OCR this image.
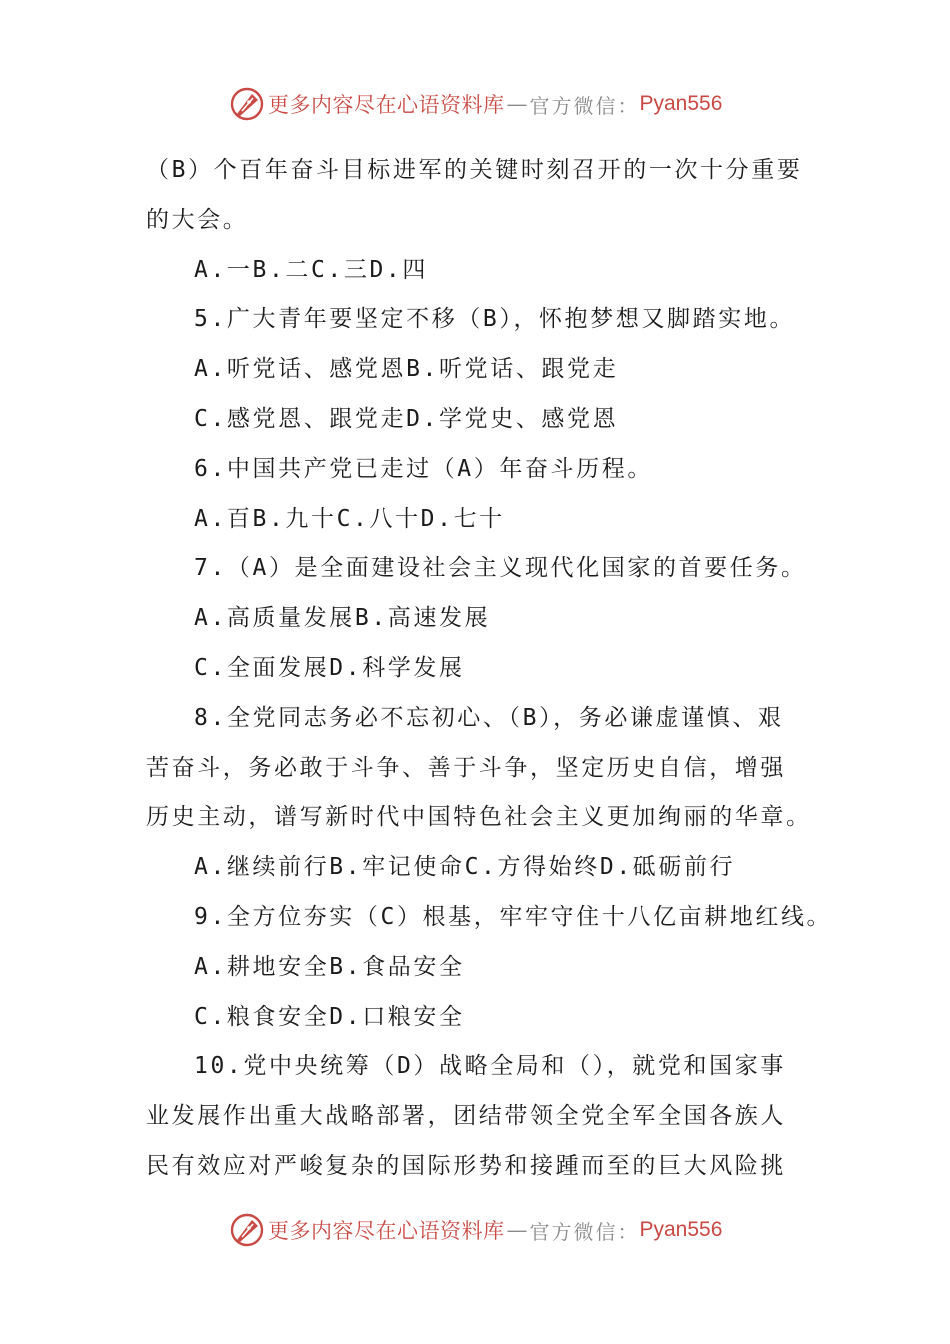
更多内容尽在心语资料库 — 官方微信： Pyan556
（B）个百年奋斗目标进军的关键时刻召开的一次十分重要
的大会。
A.一B.二C.三D.四
5.广大青年要坚定不移（B），怀抱梦想又脚踏实地。
A.听党话、感党恩B.听党话、跟党走
C.感党恩、跟党走D.学党史、感党恩
6.中国共产党已走过（A）年奋斗历程。
A.百B.九十C.八十D.七十
7.（A）是全面建设社会主义现代化国家的首要任务。
A.高质量发展B.高速发展
C.全面发展D.科学发展
8.全党同志务必不忘初心、（B），务必谦虚谨慎、艰
苦奋斗，务必敢于斗争、善于斗争，坚定历史自信，增强
历史主动，谱写新时代中国特色社会主义更加绚丽的华章。
A.继续前行B.牢记使命C.方得始终D.砥砺前行
9.全方位夯实（C）根基，牢牢守住十八亿亩耕地红线。
A.耕地安全B.食品安全
C.粮食安全D.口粮安全
10.党中央统筹（D）战略全局和（），就党和国家事
业发展作出重大战略部署，团结带领全党全军全国各族人
民有效应对严峻复杂的国际形势和接踵而至的巨大风险挑
更多内容尽在心语资料库 — 官方微信： Pyan556
